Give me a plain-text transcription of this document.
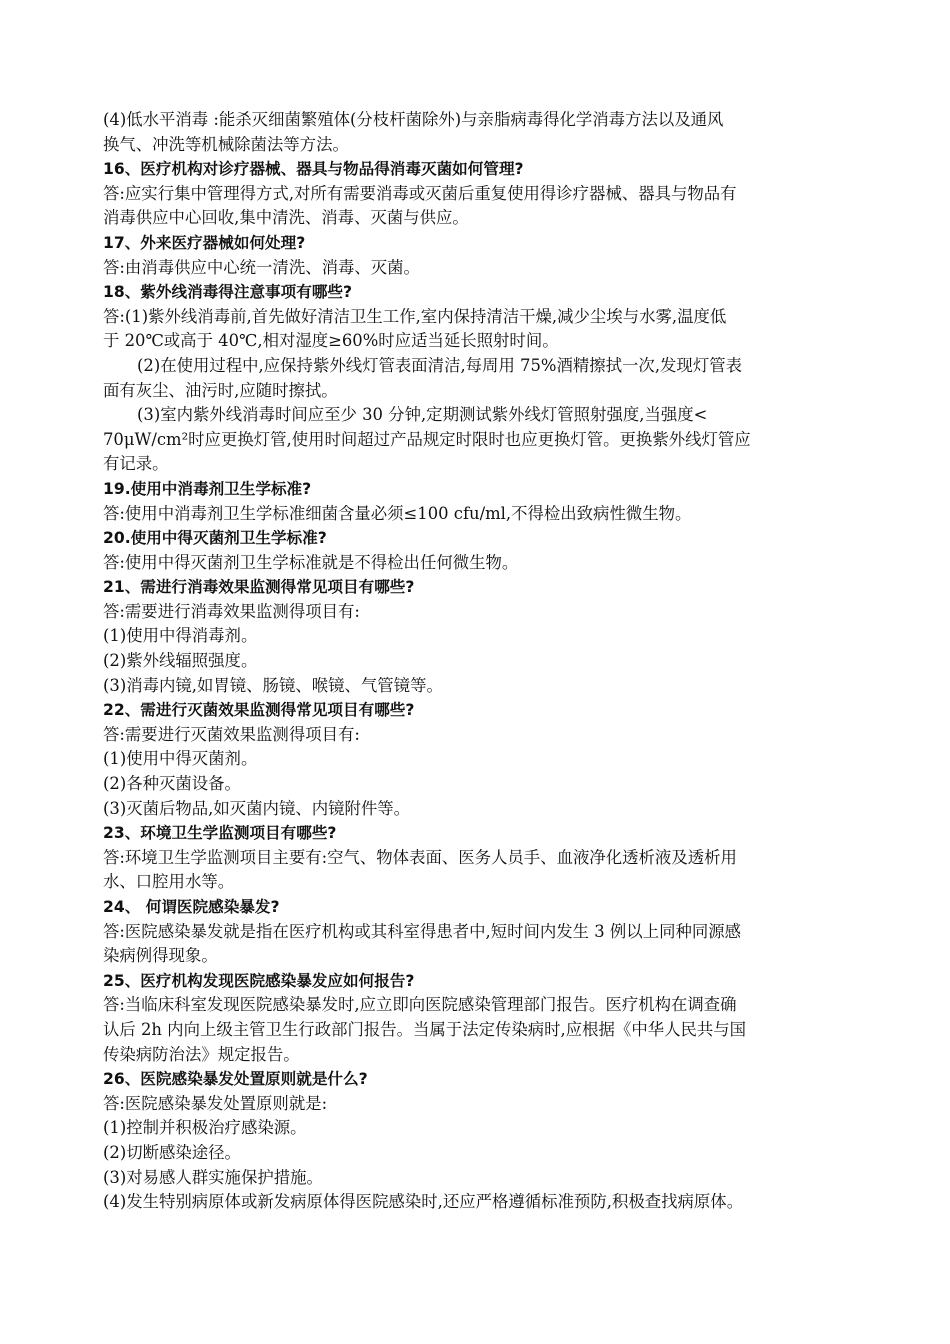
(4)低水平消毒 :能杀灭细菌繁殖体(分枝杆菌除外)与亲脂病毒得化学消毒方法以及通风
换气、冲洗等机械除菌法等方法。
16、医疗机构对诊疗器械、器具与物品得消毒灭菌如何管理?
答:应实行集中管理得方式,对所有需要消毒或灭菌后重复使用得诊疗器械、器具与物品有
消毒供应中心回收,集中清洗、消毒、灭菌与供应。
17、外来医疗器械如何处理?
答:由消毒供应中心统一清洗、消毒、灭菌。
18、紫外线消毒得注意事项有哪些?
答:(1)紫外线消毒前,首先做好清洁卫生工作,室内保持清洁干燥,减少尘埃与水雾,温度低
于 20℃或高于 40℃,相对湿度≥60%时应适当延长照射时间。
(2)在使用过程中,应保持紫外线灯管表面清洁,每周用 75%酒精擦拭一次,发现灯管表
面有灰尘、油污时,应随时擦拭。
(3)室内紫外线消毒时间应至少 30 分钟,定期测试紫外线灯管照射强度,当强度<
70μW/cm²时应更换灯管,使用时间超过产品规定时限时也应更换灯管。更换紫外线灯管应
有记录。
19.使用中消毒剂卫生学标准?
答:使用中消毒剂卫生学标准细菌含量必须≤100 cfu/ml,不得检出致病性微生物。
20.使用中得灭菌剂卫生学标准?
答:使用中得灭菌剂卫生学标准就是不得检出任何微生物。
21、需进行消毒效果监测得常见项目有哪些?
答:需要进行消毒效果监测得项目有:
(1)使用中得消毒剂。
(2)紫外线辐照强度。
(3)消毒内镜,如胃镜、肠镜、喉镜、气管镜等。
22、需进行灭菌效果监测得常见项目有哪些?
答:需要进行灭菌效果监测得项目有:
(1)使用中得灭菌剂。
(2)各种灭菌设备。
(3)灭菌后物品,如灭菌内镜、内镜附件等。
23、环境卫生学监测项目有哪些?
答:环境卫生学监测项目主要有:空气、物体表面、医务人员手、血液净化透析液及透析用
水、口腔用水等。
24、 何谓医院感染暴发?
答:医院感染暴发就是指在医疗机构或其科室得患者中,短时间内发生 3 例以上同种同源感
染病例得现象。
25、医疗机构发现医院感染暴发应如何报告?
答:当临床科室发现医院感染暴发时,应立即向医院感染管理部门报告。医疗机构在调查确
认后 2h 内向上级主管卫生行政部门报告。当属于法定传染病时,应根据《中华人民共与国
传染病防治法》规定报告。
26、医院感染暴发处置原则就是什么?
答:医院感染暴发处置原则就是:
(1)控制并积极治疗感染源。
(2)切断感染途径。
(3)对易感人群实施保护措施。
(4)发生特别病原体或新发病原体得医院感染时,还应严格遵循标准预防,积极查找病原体。
